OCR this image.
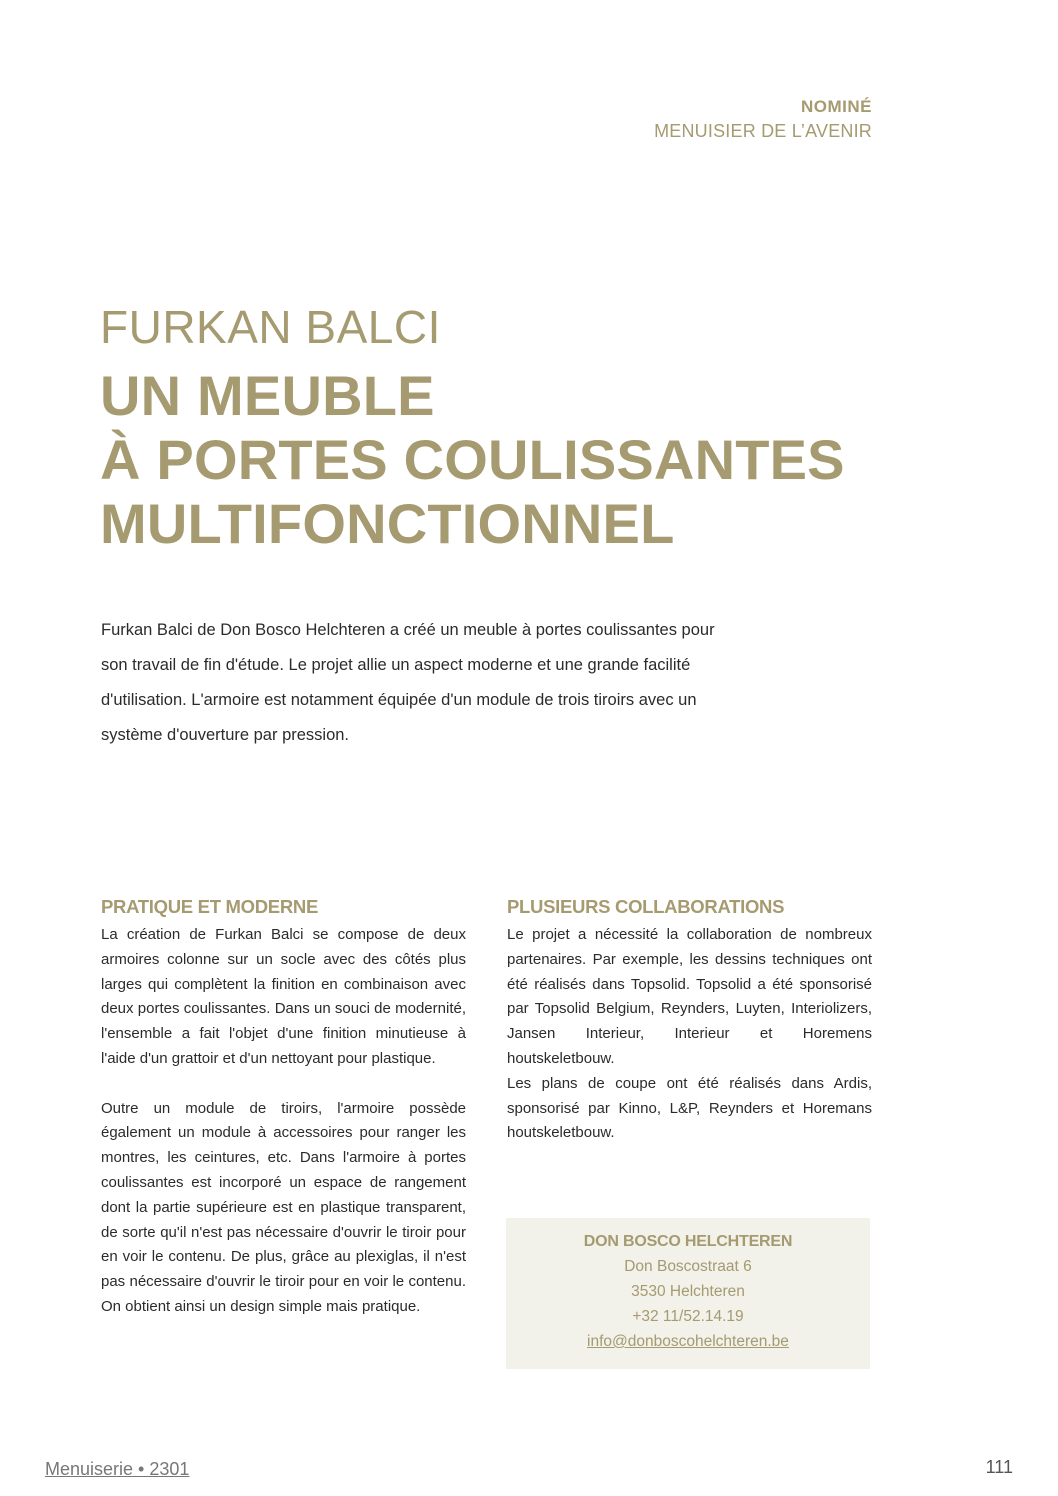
NOMINÉ
MENUISIER DE L’AVENIR
FURKAN BALCI
UN MEUBLE
À PORTES COULISSANTES
MULTIFONCTIONNEL

Furkan Balci de Don Bosco Helchteren a créé un meuble à portes coulissantes pour
son travail de fin d'étude. Le projet allie un aspect moderne et une grande facilité
d'utilisation. L'armoire est notamment équipée d'un module de trois tiroirs avec un
système d'ouverture par pression.

PRATIQUE ET MODERNE

La création de Furkan Balci se compose de deux armoires colonne sur un socle avec des côtés plus larges qui complètent la finition en combinaison avec deux portes coulissantes. Dans un souci de modernité, l'ensemble a fait l'objet d'une finition minutieuse à l'aide d'un grattoir et d'un nettoyant pour plastique.

Outre un module de tiroirs, l'armoire possède également un module à accessoires pour ranger les montres, les ceintures, etc. Dans l'armoire à portes coulissantes est incorporé un espace de rangement dont la partie supérieure est en plastique transparent, de sorte qu'il n'est pas nécessaire d'ouvrir le tiroir pour en voir le contenu. De plus, grâce au plexiglas, il n'est pas nécessaire d'ouvrir le tiroir pour en voir le contenu. On obtient ainsi un design simple mais pratique.

PLUSIEURS COLLABORATIONS

Le projet a nécessité la collaboration de nombreux partenaires. Par exemple, les dessins techniques ont été réalisés dans Topsolid. Topsolid a été sponsorisé par Topsolid Belgium, Reynders, Luyten, Interiolizers, Jansen Interieur, Interieur et Horemens houtskeletbouw.

Les plans de coupe ont été réalisés dans Ardis, sponsorisé par Kinno, L&P, Reynders et Horemans houtskeletbouw.

DON BOSCO HELCHTEREN
Don Boscostraat 6
3530 Helchteren
+32 11/52.14.19
info@donboscohelchteren.be
Menuiserie • 2301	111
